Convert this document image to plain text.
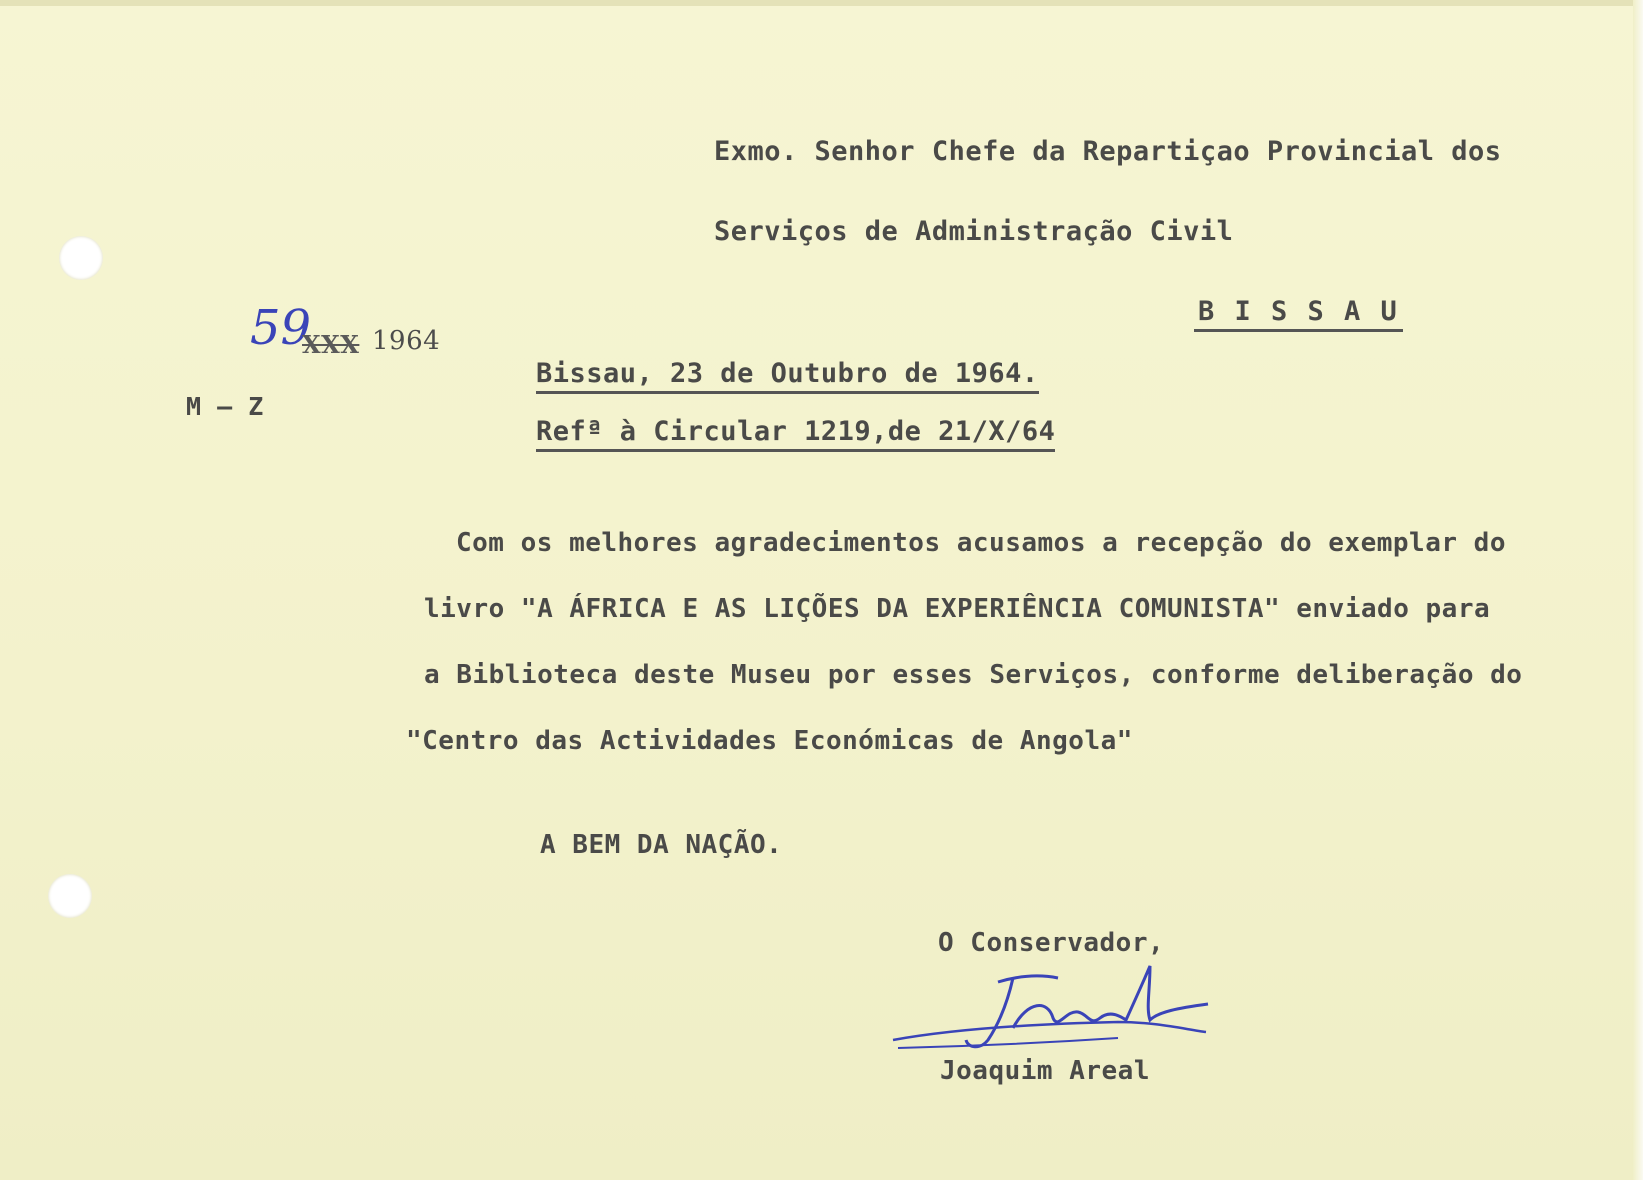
Exmo. Senhor Chefe da Repartiçao Provincial dos
Serviços de Administração Civil
B I S S A U
59
XXX 1964
M — Z
Bissau, 23 de Outubro de 1964.
Refª à Circular 1219,de 21/X/64
Com os melhores agradecimentos acusamos a recepção do exemplar do
livro "A ÁFRICA E AS LIÇÕES DA EXPERIÊNCIA COMUNISTA" enviado para
a Biblioteca deste Museu por esses Serviços, conforme deliberação do
"Centro das Actividades Económicas de Angola"
A BEM DA NAÇÃO.
O Conservador,
Joaquim Areal
